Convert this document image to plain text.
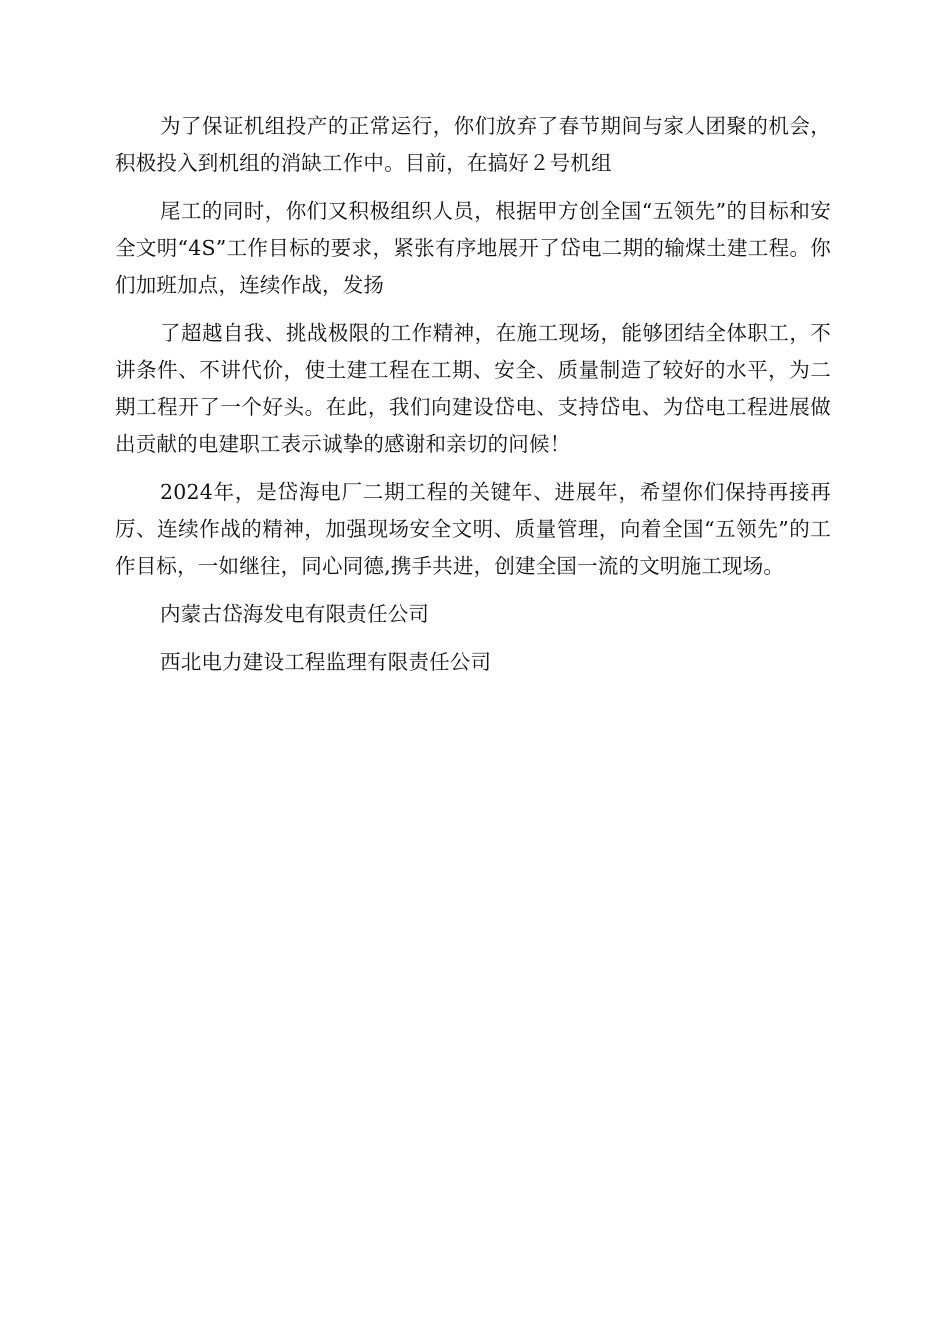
为了保证机组投产的正常运行，你们放弃了春节期间与家人团聚的机会，积极投入到机组的消缺工作中。目前，在搞好２号机组

尾工的同时，你们又积极组织人员，根据甲方创全国“五领先”的目标和安全文明“4S”工作目标的要求，紧张有序地展开了岱电二期的输煤土建工程。你们加班加点，连续作战，发扬

了超越自我、挑战极限的工作精神，在施工现场，能够团结全体职工，不讲条件、不讲代价，使土建工程在工期、安全、质量制造了较好的水平，为二期工程开了一个好头。在此，我们向建设岱电、支持岱电、为岱电工程进展做出贡献的电建职工表示诚挚的感谢和亲切的问候！

2024年，是岱海电厂二期工程的关键年、进展年，希望你们保持再接再厉、连续作战的精神，加强现场安全文明、质量管理，向着全国“五领先”的工作目标，一如继往，同心同德,携手共进，创建全国一流的文明施工现场。

内蒙古岱海发电有限责任公司

西北电力建设工程监理有限责任公司
